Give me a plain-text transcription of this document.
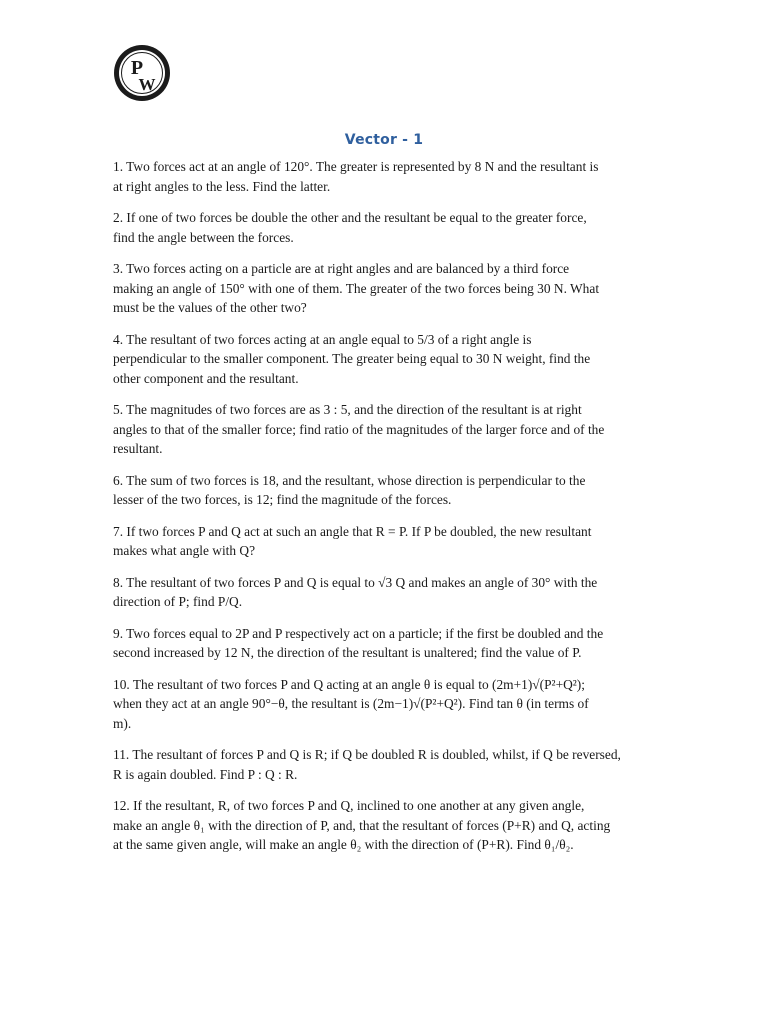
P
W
Vector - 1

1. Two forces act at an angle of 120°. The greater is represented by 8 N and the resultant is
at right angles to the less. Find the latter.

2. If one of two forces be double the other and the resultant be equal to the greater force,
find the angle between the forces.

3. Two forces acting on a particle are at right angles and are balanced by a third force
making an angle of 150° with one of them. The greater of the two forces being 30 N. What
must be the values of the other two?

4. The resultant of two forces acting at an angle equal to 5/3 of a right angle is
perpendicular to the smaller component. The greater being equal to 30 N weight, find the
other component and the resultant.

5. The magnitudes of two forces are as 3 : 5, and the direction of the resultant is at right
angles to that of the smaller force; find ratio of the magnitudes of the larger force and of the
resultant.

6. The sum of two forces is 18, and the resultant, whose direction is perpendicular to the
lesser of the two forces, is 12; find the magnitude of the forces.

7. If two forces P and Q act at such an angle that R = P. If P be doubled, the new resultant
makes what angle with Q?

8. The resultant of two forces P and Q is equal to √3 Q and makes an angle of 30° with the
direction of P; find P/Q.

9. Two forces equal to 2P and P respectively act on a particle; if the first be doubled and the
second increased by 12 N, the direction of the resultant is unaltered; find the value of P.

10. The resultant of two forces P and Q acting at an angle θ is equal to (2m+1)√(P²+Q²);
when they act at an angle 90°−θ, the resultant is (2m−1)√(P²+Q²). Find tan θ (in terms of
m).

11. The resultant of forces P and Q is R; if Q be doubled R is doubled, whilst, if Q be reversed,
R is again doubled. Find P : Q : R.

12. If the resultant, R, of two forces P and Q, inclined to one another at any given angle,
make an angle θ₁ with the direction of P, and, that the resultant of forces (P+R) and Q, acting
at the same given angle, will make an angle θ₂ with the direction of (P+R). Find θ₁/θ₂.
